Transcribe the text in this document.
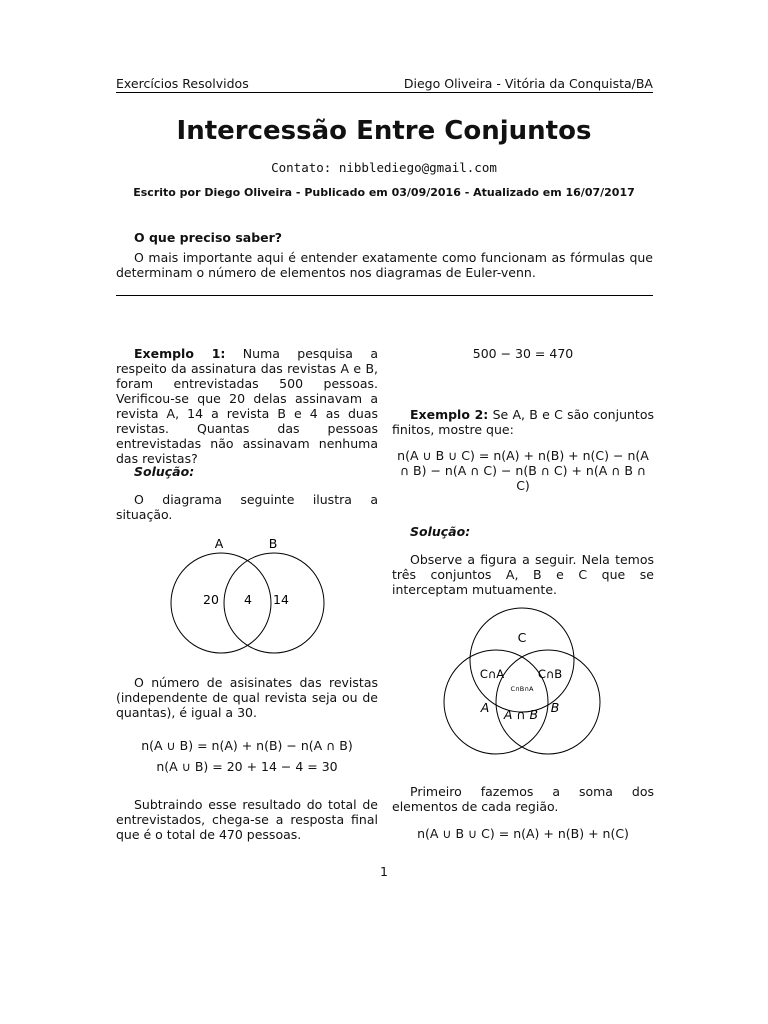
Exercícios Resolvidos	Diego Oliveira - Vitória da Conquista/BA
Intercessão Entre Conjuntos
Contato: nibblediego@gmail.com
Escrito por Diego Oliveira - Publicado em 03/09/2016 - Atualizado em 16/07/2017
O que preciso saber?
O mais importante aqui é entender exatamente como funcionam as fórmulas que determinam o número de elementos nos diagramas de Euler-venn.
Exemplo 1: Numa pesquisa a respeito da assinatura das revistas A e B, foram entrevistadas 500 pessoas. Verificou-se que 20 delas assinavam a revista A, 14 a revista B e 4 as duas revistas. Quantas das pessoas entrevistadas não assinavam nenhuma das revistas?
Solução:
O diagrama seguinte ilustra a situação.
A	B
20 4 14
O número de asisinates das revistas (independente de qual revista seja ou de quantas), é igual a 30.
n(A ∪ B) = n(A) + n(B) − n(A ∩ B)
n(A ∪ B) = 20 + 14 − 4 = 30
Subtraindo esse resultado do total de entrevistados, chega-se a resposta final que é o total de 470 pessoas.
500 − 30 = 470
Exemplo 2: Se A, B e C são conjuntos finitos, mostre que:
n(A ∪ B ∪ C) = n(A) + n(B) + n(C) − n(A ∩ B) − n(A ∩ C) − n(B ∩ C) + n(A ∩ B ∩ C)
Solução:
Observe a figura a seguir. Nela temos três conjuntos A, B e C que se interceptam mutuamente.
C
C∩A	C∩B
C∩B∩A
A	B
A ∩ B
Primeiro fazemos a soma dos elementos de cada região.
n(A ∪ B ∪ C) = n(A) + n(B) + n(C)
1
